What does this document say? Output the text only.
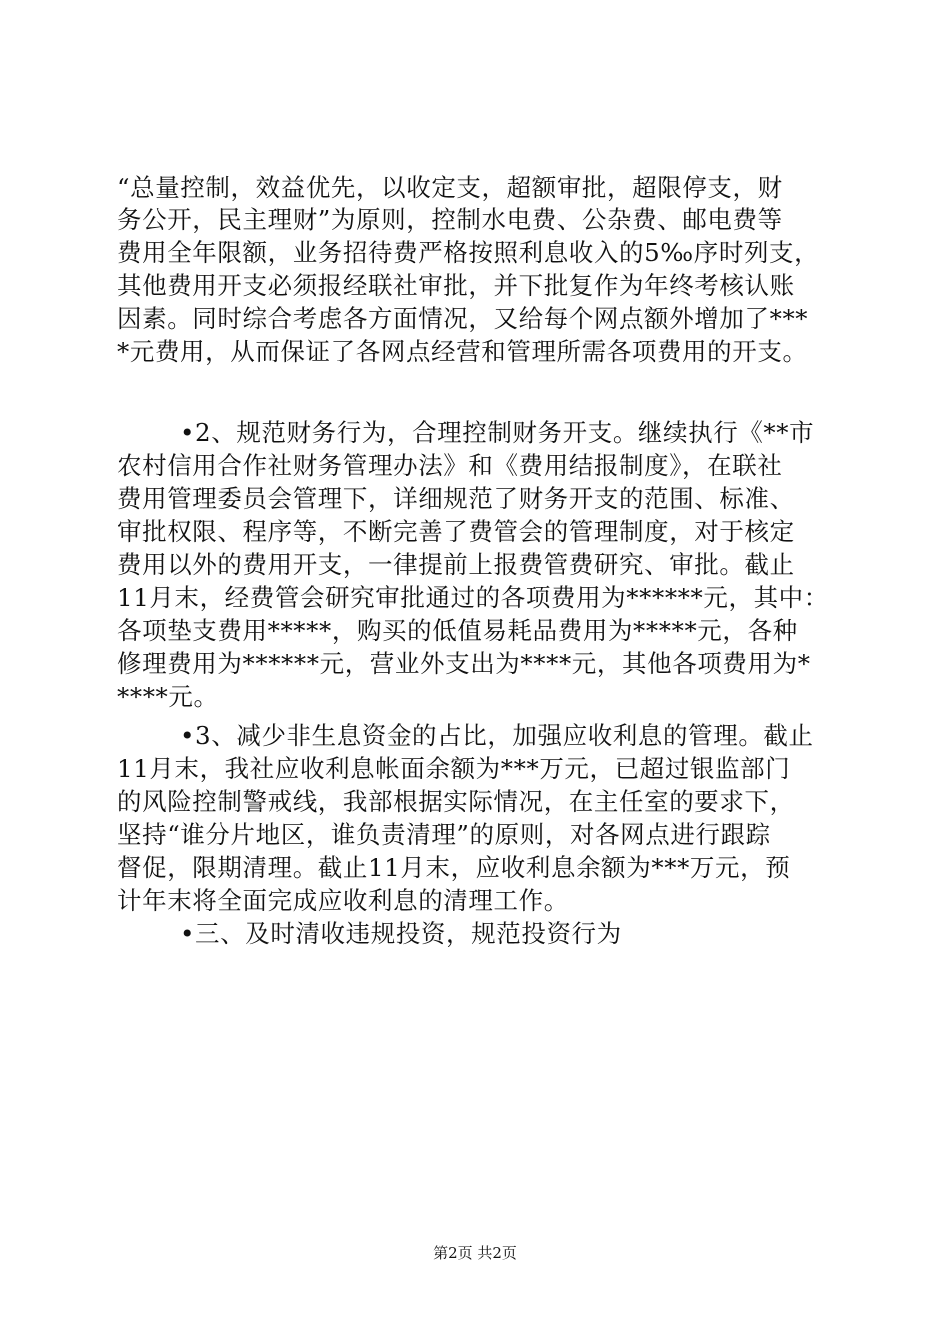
“总量控制，效益优先，以收定支，超额审批，超限停支，财
务公开，民主理财”为原则，控制水电费、公杂费、邮电费等
费用全年限额，业务招待费严格按照利息收入的5‰序时列支，
其他费用开支必须报经联社审批，并下批复作为年终考核认账
因素。同时综合考虑各方面情况，又给每个网点额外增加了***
*元费用，从而保证了各网点经营和管理所需各项费用的开支。
•2、规范财务行为，合理控制财务开支。继续执行《**市
农村信用合作社财务管理办法》和《费用结报制度》，在联社
费用管理委员会管理下，详细规范了财务开支的范围、标准、
审批权限、程序等，不断完善了费管会的管理制度，对于核定
费用以外的费用开支，一律提前上报费管费研究、审批。截止
11月末，经费管会研究审批通过的各项费用为******元，其中：
各项垫支费用*****，购买的低值易耗品费用为*****元，各种
修理费用为******元，营业外支出为****元，其他各项费用为*
****元。
•3、减少非生息资金的占比，加强应收利息的管理。截止
11月末，我社应收利息帐面余额为***万元，已超过银监部门
的风险控制警戒线，我部根据实际情况，在主任室的要求下，
坚持“谁分片地区，谁负责清理”的原则，对各网点进行跟踪
督促，限期清理。截止11月末，应收利息余额为***万元，预
计年末将全面完成应收利息的清理工作。
•三、及时清收违规投资，规范投资行为
第2页 共2页
